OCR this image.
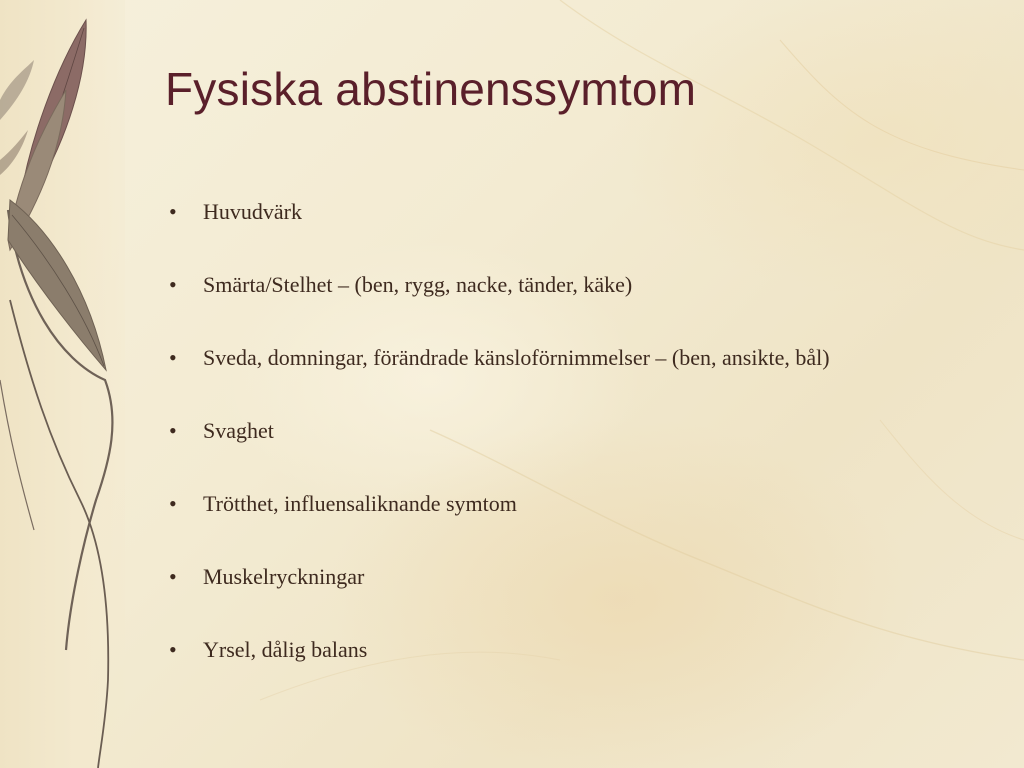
Fysiska abstinenssymtom
• Huvudvärk
• Smärta/Stelhet – (ben, rygg, nacke, tänder, käke)
• Sveda, domningar, förändrade känsloförnimmelser – (ben, ansikte, bål)
• Svaghet
• Trötthet, influensaliknande symtom
• Muskelryckningar
• Yrsel, dålig balans
